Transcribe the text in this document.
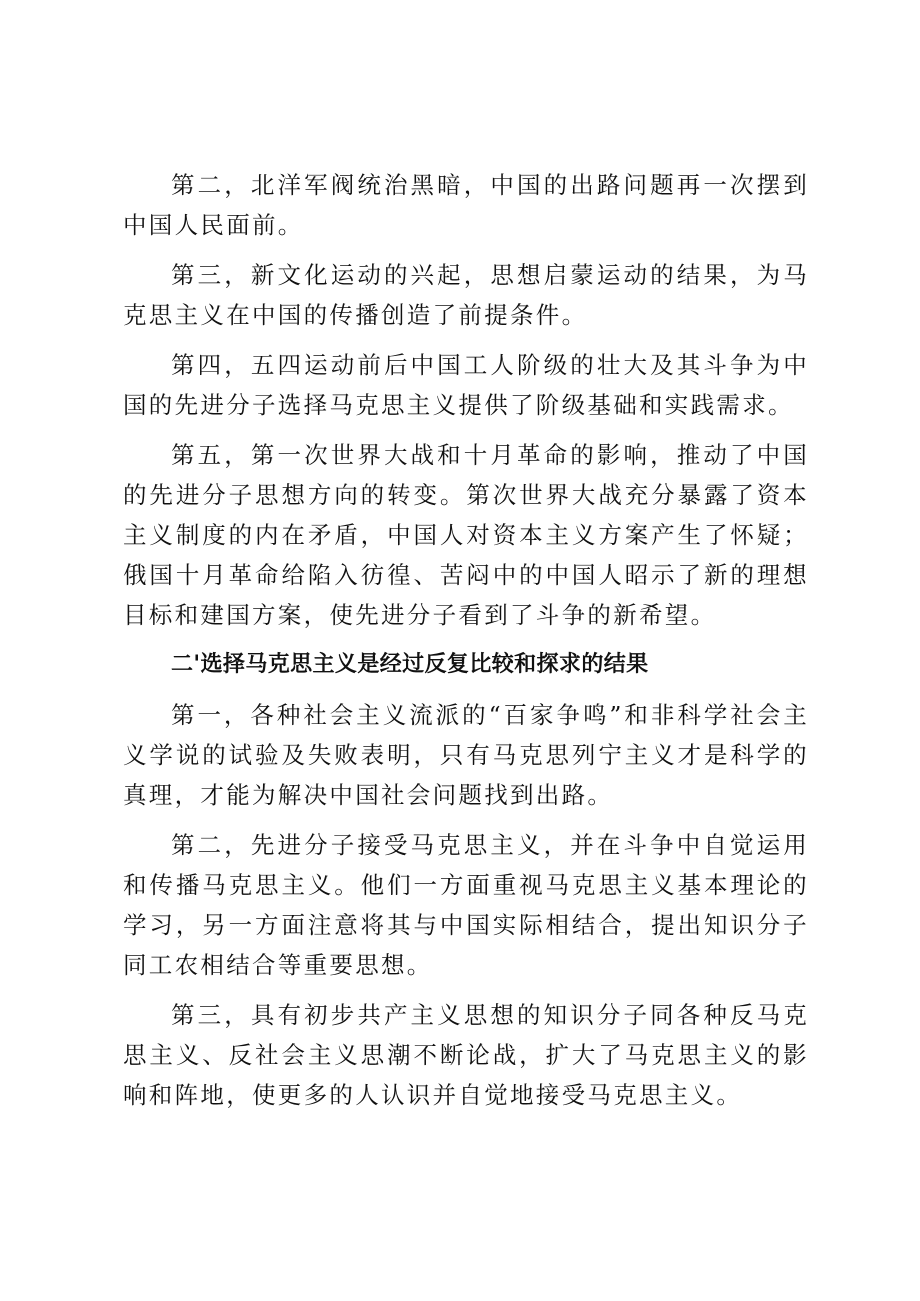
第二，北洋军阀统治黑暗，中国的出路问题再一次摆到中国人民面前。

第三，新文化运动的兴起，思想启蒙运动的结果，为马克思主义在中国的传播创造了前提条件。

第四，五四运动前后中国工人阶级的壮大及其斗争为中国的先进分子选择马克思主义提供了阶级基础和实践需求。

第五，第一次世界大战和十月革命的影响，推动了中国的先进分子思想方向的转变。第次世界大战充分暴露了资本主义制度的内在矛盾，中国人对资本主义方案产生了怀疑；俄国十月革命给陷入彷徨、苦闷中的中国人昭示了新的理想目标和建国方案，使先进分子看到了斗争的新希望。

二'选择马克思主义是经过反复比较和探求的结果

第一，各种社会主义流派的“百家争鸣”和非科学社会主义学说的试验及失败表明，只有马克思列宁主义才是科学的真理，才能为解决中国社会问题找到出路。

第二，先进分子接受马克思主义，并在斗争中自觉运用和传播马克思主义。他们一方面重视马克思主义基本理论的学习，另一方面注意将其与中国实际相结合，提出知识分子同工农相结合等重要思想。

第三，具有初步共产主义思想的知识分子同各种反马克思主义、反社会主义思潮不断论战，扩大了马克思主义的影响和阵地，使更多的人认识并自觉地接受马克思主义。
